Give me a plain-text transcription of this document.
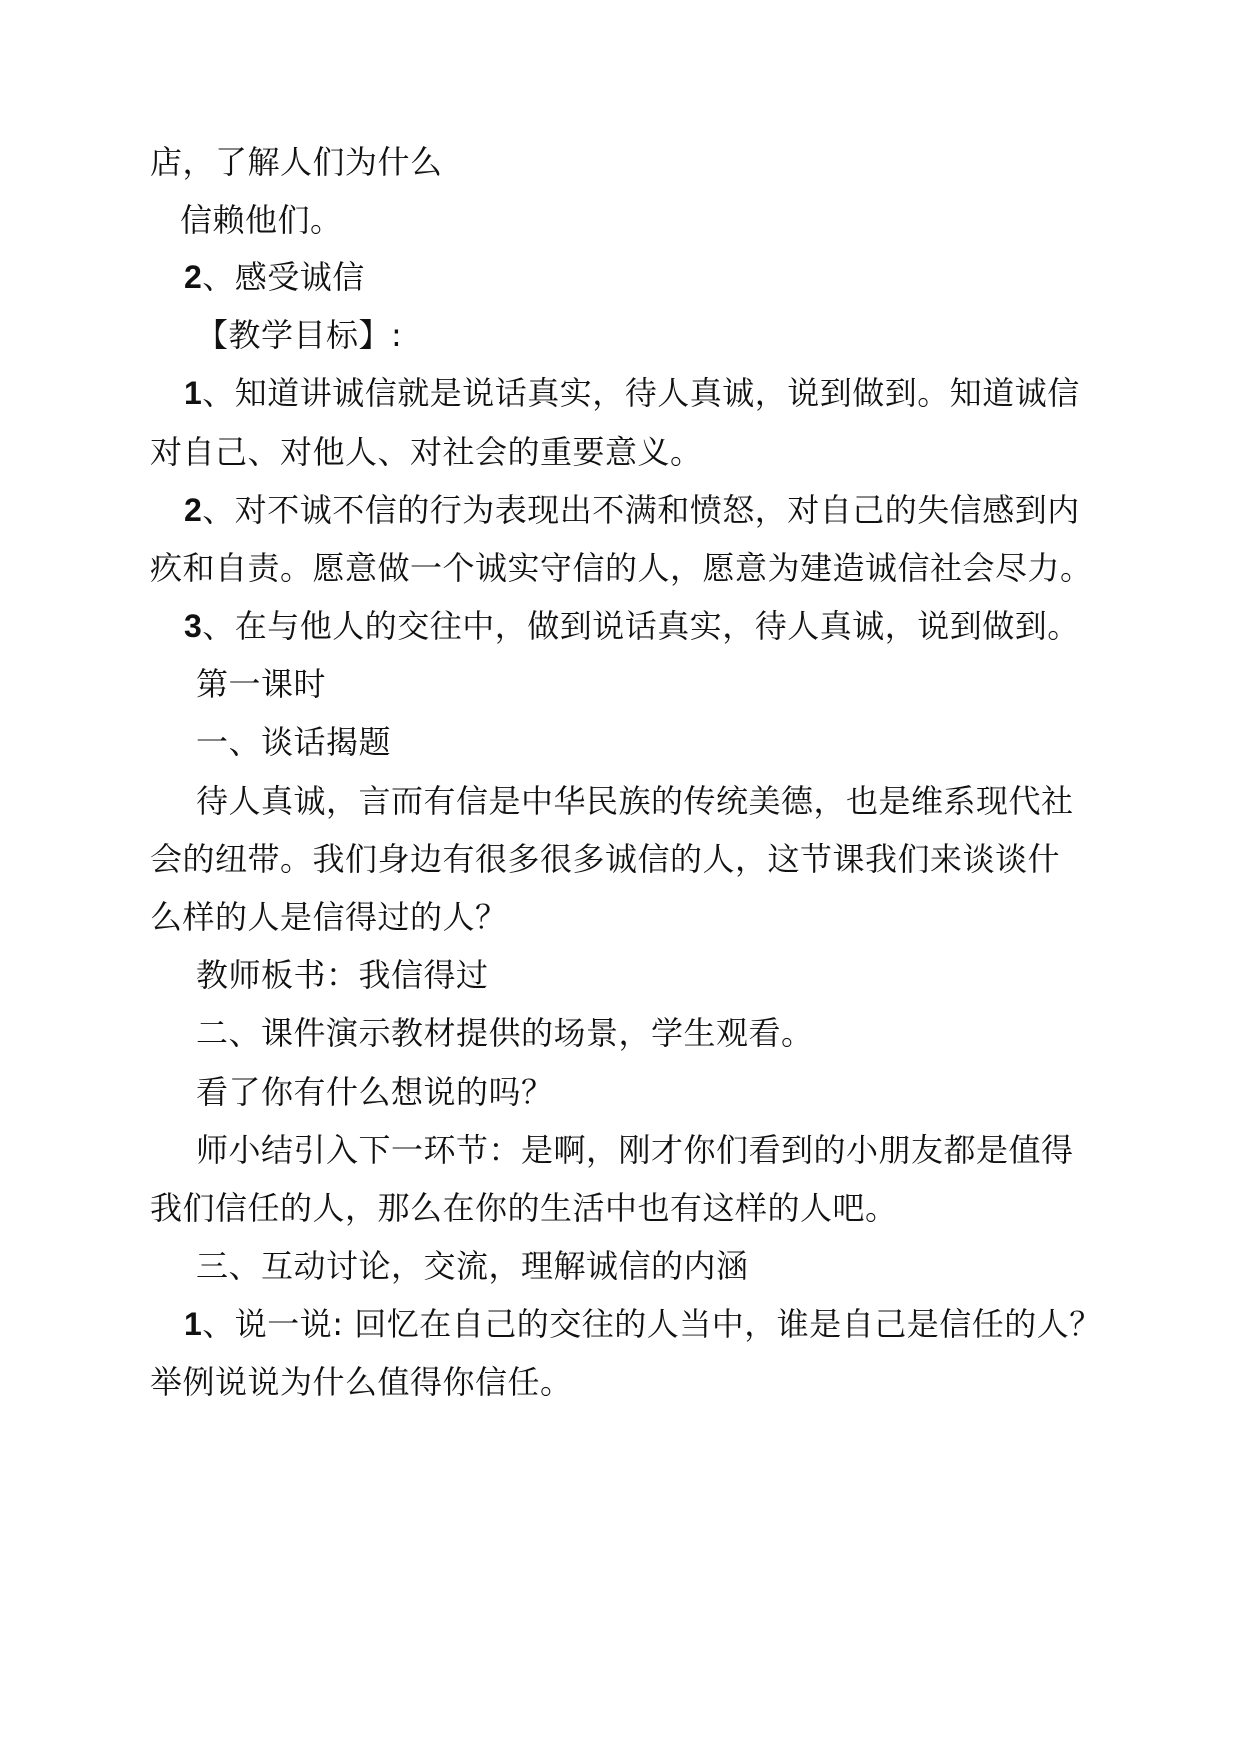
店，了解人们为什么

信赖他们。

2、感受诚信

【教学目标】:

1、知道讲诚信就是说话真实，待人真诚，说到做到。知道诚信

对自己、对他人、对社会的重要意义。

2、对不诚不信的行为表现出不满和愤怒，对自己的失信感到内

疚和自责。愿意做一个诚实守信的人，愿意为建造诚信社会尽力。

3、在与他人的交往中，做到说话真实，待人真诚，说到做到。

第一课时

一、谈话揭题

待人真诚，言而有信是中华民族的传统美德，也是维系现代社

会的纽带。我们身边有很多很多诚信的人，这节课我们来谈谈什

么样的人是信得过的人？

教师板书：我信得过

二、课件演示教材提供的场景，学生观看。

看了你有什么想说的吗？

师小结引入下一环节：是啊，刚才你们看到的小朋友都是值得

我们信任的人，那么在你的生活中也有这样的人吧。

三、互动讨论，交流，理解诚信的内涵

1、说一说: 回忆在自己的交往的人当中，谁是自己是信任的人？

举例说说为什么值得你信任。
